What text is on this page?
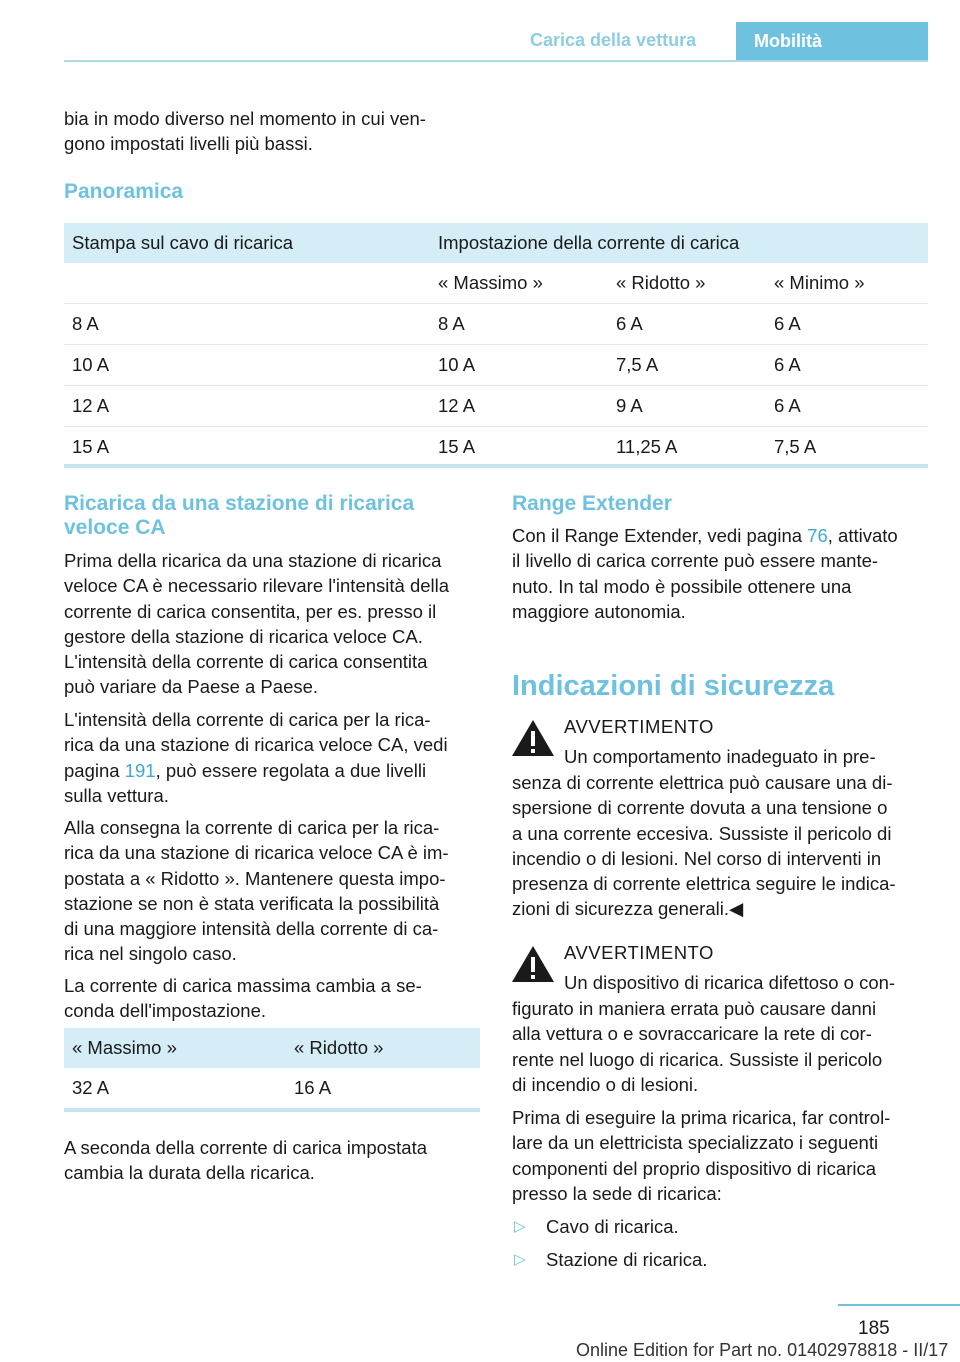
Carica della vettura	Mobilità

bia in modo diverso nel momento in cui ven-
gono impostati livelli più bassi.

Panoramica
Stampa sul cavo di ricarica	Impostazione della corrente di carica		
	« Massimo »	« Ridotto »	« Minimo »
8 A	8 A	6 A	6 A
10 A	10 A	7,5 A	6 A
12 A	12 A	9 A	6 A
15 A	15 A	11,25 A	7,5 A
Ricarica da una stazione di ricarica
veloce CA

Prima della ricarica da una stazione di ricarica
veloce CA è necessario rilevare l'intensità della
corrente di carica consentita, per es. presso il
gestore della stazione di ricarica veloce CA.
L'intensità della corrente di carica consentita
può variare da Paese a Paese.

L'intensità della corrente di carica per la rica-
rica da una stazione di ricarica veloce CA, vedi
pagina 191, può essere regolata a due livelli
sulla vettura.

Alla consegna la corrente di carica per la rica-
rica da una stazione di ricarica veloce CA è im-
postata a « Ridotto ». Mantenere questa impo-
stazione se non è stata verificata la possibilità
di una maggiore intensità della corrente di ca-
rica nel singolo caso.

La corrente di carica massima cambia a se-
conda dell'impostazione.

« Massimo »	« Ridotto »
32 A	16 A

A seconda della corrente di carica impostata
cambia la durata della ricarica.

Range Extender

Con il Range Extender, vedi pagina 76, attivato
il livello di carica corrente può essere mante-
nuto. In tal modo è possibile ottenere una
maggiore autonomia.

Indicazioni di sicurezza
AVVERTIMENTO

Un comportamento inadeguato in pre-

senza di corrente elettrica può causare una di-
spersione di corrente dovuta a una tensione o
a una corrente eccesiva. Sussiste il pericolo di
incendio o di lesioni. Nel corso di interventi in
presenza di corrente elettrica seguire le indica-
zioni di sicurezza generali.◀

AVVERTIMENTO

Un dispositivo di ricarica difettoso o con-

figurato in maniera errata può causare danni
alla vettura o e sovraccaricare la rete di cor-
rente nel luogo di ricarica. Sussiste il pericolo
di incendio o di lesioni.

Prima di eseguire la prima ricarica, far control-
lare da un elettricista specializzato i seguenti
componenti del proprio dispositivo di ricarica
presso la sede di ricarica:

▷ Cavo di ricarica.
▷ Stazione di ricarica.
185
Online Edition for Part no. 01402978818 - II/17
